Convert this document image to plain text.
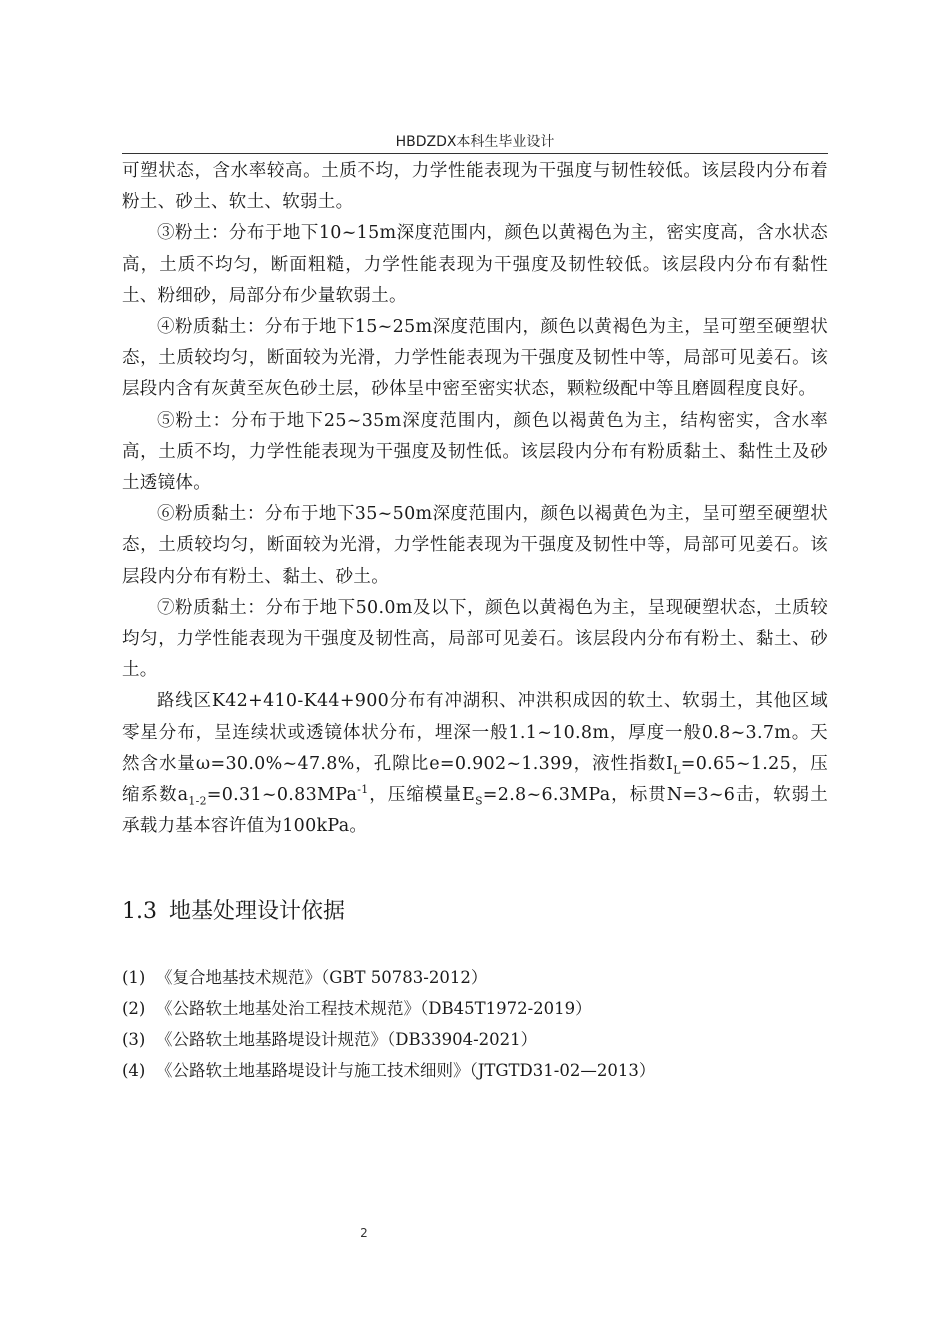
HBDZDX本科生毕业设计

可塑状态，含水率较高。土质不均，力学性能表现为干强度与韧性较低。该层段内分布着粉土、砂土、软土、软弱土。

③粉土：分布于地下10~15m深度范围内，颜色以黄褐色为主，密实度高，含水状态高，土质不均匀，断面粗糙，力学性能表现为干强度及韧性较低。该层段内分布有黏性土、粉细砂，局部分布少量软弱土。

④粉质黏土：分布于地下15~25m深度范围内，颜色以黄褐色为主，呈可塑至硬塑状态，土质较均匀，断面较为光滑，力学性能表现为干强度及韧性中等，局部可见姜石。该层段内含有灰黄至灰色砂土层，砂体呈中密至密实状态，颗粒级配中等且磨圆程度良好。

⑤粉土：分布于地下25~35m深度范围内，颜色以褐黄色为主，结构密实，含水率高，土质不均，力学性能表现为干强度及韧性低。该层段内分布有粉质黏土、黏性土及砂土透镜体。

⑥粉质黏土：分布于地下35~50m深度范围内，颜色以褐黄色为主，呈可塑至硬塑状态，土质较均匀，断面较为光滑，力学性能表现为干强度及韧性中等，局部可见姜石。该层段内分布有粉土、黏土、砂土。

⑦粉质黏土：分布于地下50.0m及以下，颜色以黄褐色为主，呈现硬塑状态，土质较均匀，力学性能表现为干强度及韧性高，局部可见姜石。该层段内分布有粉土、黏土、砂土。

路线区K42+410-K44+900分布有冲湖积、冲洪积成因的软土、软弱土，其他区域零星分布，呈连续状或透镜体状分布，埋深一般1.1~10.8m，厚度一般0.8~3.7m。天然含水量ω=30.0%~47.8%，孔隙比e=0.902~1.399，液性指数$I_L=0.65\sim 1.25$，压缩系数$a_{1-2}=0.31\sim 0.83MPa^{-1}$，压缩模量$E_S=2.8\sim 6.3MPa$，标贯N=3~6击，软弱土承载力基本容许值为100kPa。

1.3 地基处理设计依据
(1) 《复合地基技术规范》（GBT 50783-2012）
(2) 《公路软土地基处治工程技术规范》（DB45T1972-2019）
(3) 《公路软土地基路堤设计规范》（DB33904-2021）
(4) 《公路软土地基路堤设计与施工技术细则》（JTGTD31-02—2013）
2
